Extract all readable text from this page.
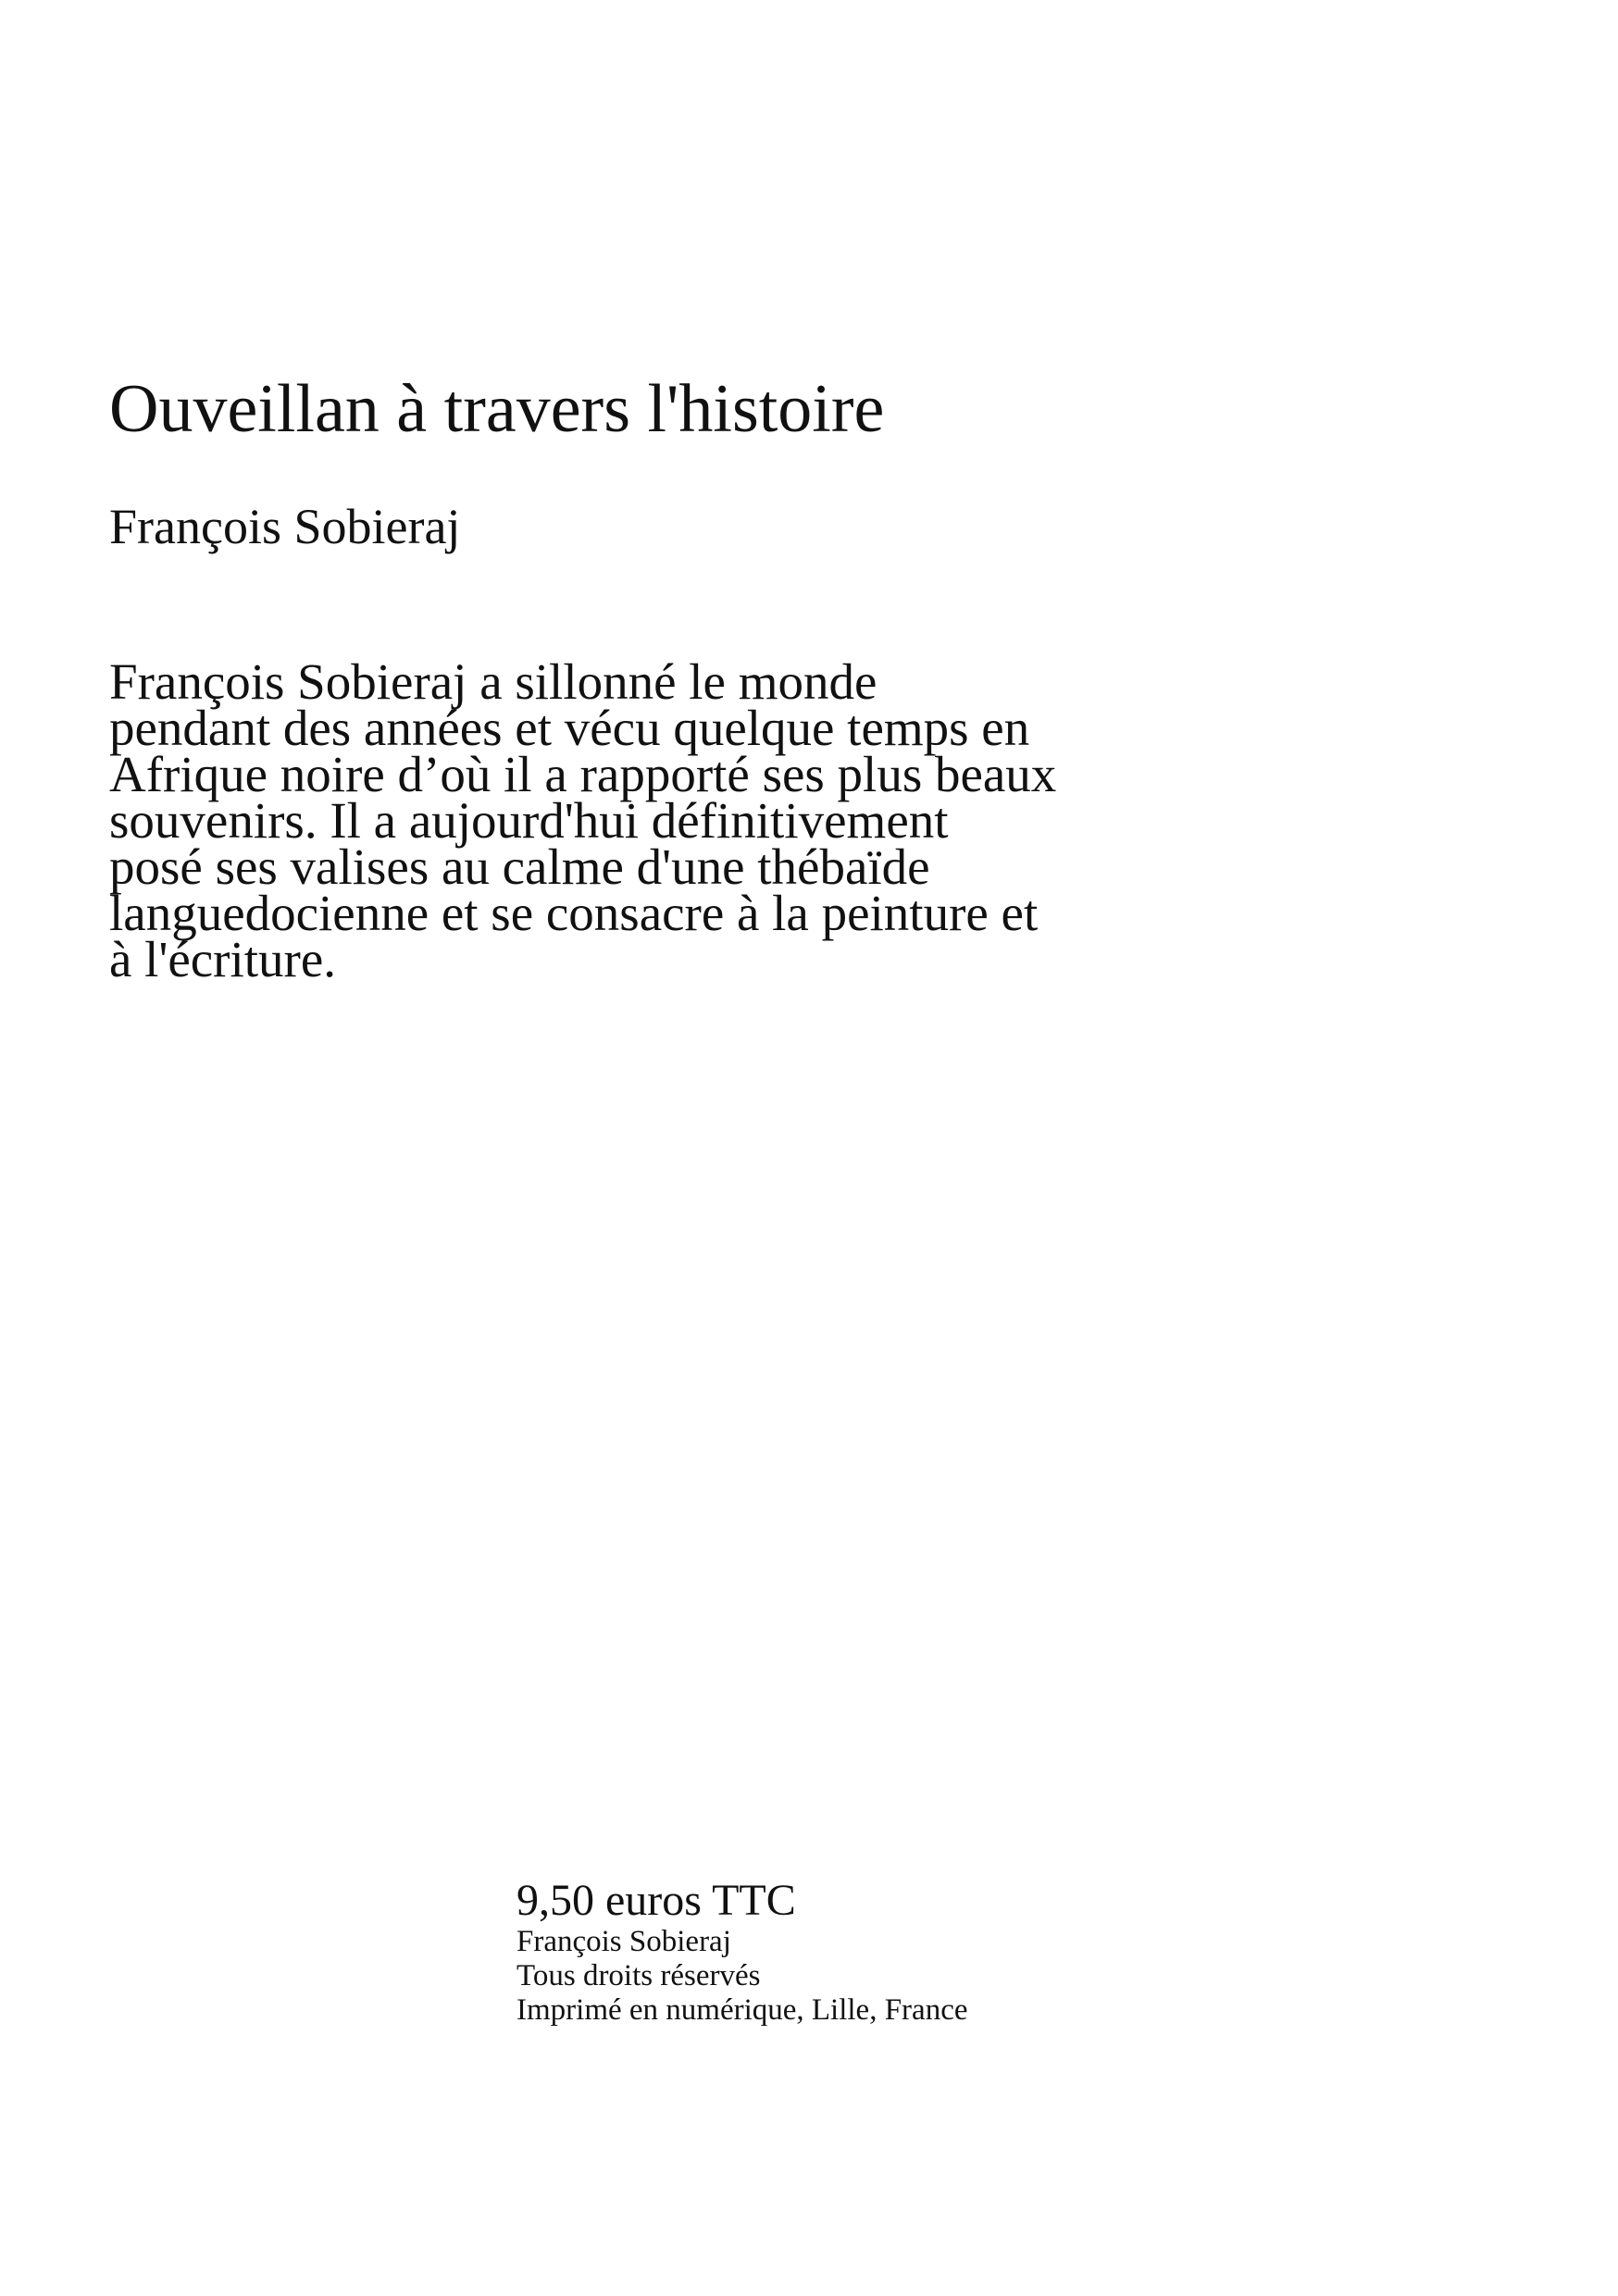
Ouveillan à travers l'histoire
François Sobieraj

François Sobieraj a sillonné le monde
pendant des années et vécu quelque temps en
Afrique noire d’où il a rapporté ses plus beaux
souvenirs. Il a aujourd'hui définitivement
posé ses valises au calme d'une thébaïde
languedocienne et se consacre à la peinture et
à l'écriture.

9,50 euros TTC

François Sobieraj

Tous droits réservés

Imprimé en numérique, Lille, France
